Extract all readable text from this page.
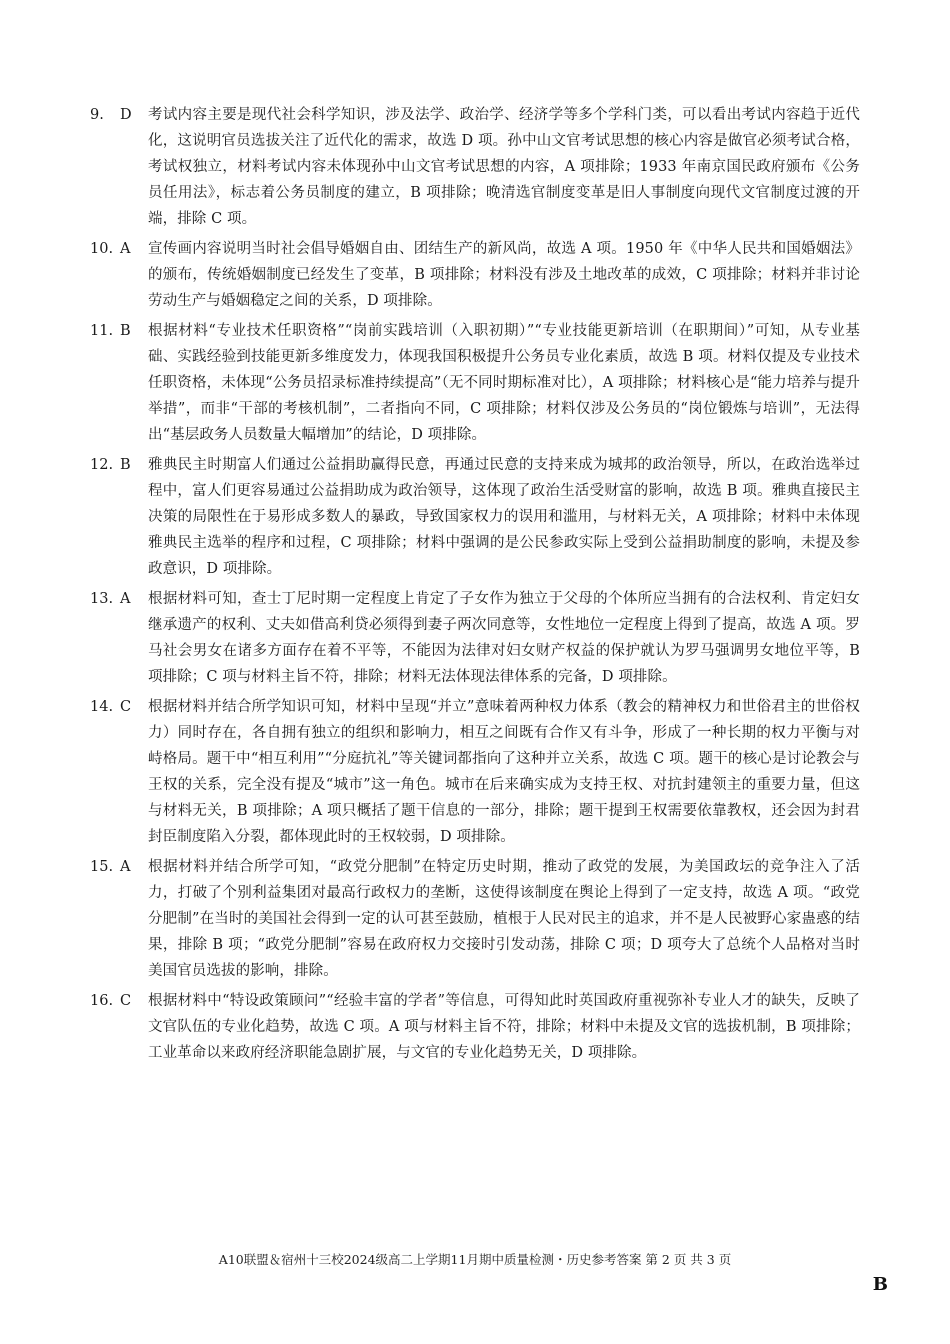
9.	D	考试内容主要是现代社会科学知识，涉及法学、政治学、经济学等多个学科门类，可以看出考试内容趋于近代化，这说明官员选拔关注了近代化的需求，故选 D 项。孙中山文官考试思想的核心内容是做官必须考试合格，考试权独立，材料考试内容未体现孙中山文官考试思想的内容，A 项排除；1933 年南京国民政府颁布《公务员任用法》，标志着公务员制度的建立，B 项排除；晚清选官制度变革是旧人事制度向现代文官制度过渡的开端，排除 C 项。
10. A	宣传画内容说明当时社会倡导婚姻自由、团结生产的新风尚，故选 A 项。1950 年《中华人民共和国婚姻法》的颁布，传统婚姻制度已经发生了变革，B 项排除；材料没有涉及土地改革的成效，C 项排除；材料并非讨论劳动生产与婚姻稳定之间的关系，D 项排除。
11. B	根据材料“专业技术任职资格”“岗前实践培训（入职初期）”“专业技能更新培训（在职期间）”可知，从专业基础、实践经验到技能更新多维度发力，体现我国积极提升公务员专业化素质，故选 B 项。材料仅提及专业技术任职资格，未体现“公务员招录标准持续提高”（无不同时期标准对比），A 项排除；材料核心是“能力培养与提升举措”，而非“干部的考核机制”，二者指向不同，C 项排除；材料仅涉及公务员的“岗位锻炼与培训”，无法得出“基层政务人员数量大幅增加”的结论，D 项排除。
12. B	雅典民主时期富人们通过公益捐助赢得民意，再通过民意的支持来成为城邦的政治领导，所以，在政治选举过程中，富人们更容易通过公益捐助成为政治领导，这体现了政治生活受财富的影响，故选 B 项。雅典直接民主决策的局限性在于易形成多数人的暴政，导致国家权力的误用和滥用，与材料无关，A 项排除；材料中未体现雅典民主选举的程序和过程，C 项排除；材料中强调的是公民参政实际上受到公益捐助制度的影响，未提及参政意识，D 项排除。
13. A	根据材料可知，查士丁尼时期一定程度上肯定了子女作为独立于父母的个体所应当拥有的合法权利、肯定妇女继承遗产的权利、丈夫如借高利贷必须得到妻子两次同意等，女性地位一定程度上得到了提高，故选 A 项。罗马社会男女在诸多方面存在着不平等，不能因为法律对妇女财产权益的保护就认为罗马强调男女地位平等，B 项排除；C 项与材料主旨不符，排除；材料无法体现法律体系的完备，D 项排除。
14. C	根据材料并结合所学知识可知，材料中呈现“并立”意味着两种权力体系（教会的精神权力和世俗君主的世俗权力）同时存在，各自拥有独立的组织和影响力，相互之间既有合作又有斗争，形成了一种长期的权力平衡与对峙格局。题干中“相互利用”“分庭抗礼”等关键词都指向了这种并立关系，故选 C 项。题干的核心是讨论教会与王权的关系，完全没有提及“城市”这一角色。城市在后来确实成为支持王权、对抗封建领主的重要力量，但这与材料无关，B 项排除；A 项只概括了题干信息的一部分，排除；题干提到王权需要依靠教权，还会因为封君封臣制度陷入分裂，都体现此时的王权较弱，D 项排除。
15. A	根据材料并结合所学可知，“政党分肥制”在特定历史时期，推动了政党的发展，为美国政坛的竞争注入了活力，打破了个别利益集团对最高行政权力的垄断，这使得该制度在舆论上得到了一定支持，故选 A 项。“政党分肥制”在当时的美国社会得到一定的认可甚至鼓励，植根于人民对民主的追求，并不是人民被野心家蛊惑的结果，排除 B 项；“政党分肥制”容易在政府权力交接时引发动荡，排除 C 项；D 项夸大了总统个人品格对当时美国官员选拔的影响，排除。
16. C	根据材料中“特设政策顾问”“经验丰富的学者”等信息，可得知此时英国政府重视弥补专业人才的缺失，反映了文官队伍的专业化趋势，故选 C 项。A 项与材料主旨不符，排除；材料中未提及文官的选拔机制，B 项排除；工业革命以来政府经济职能急剧扩展，与文官的专业化趋势无关，D 项排除。
A10联盟＆宿州十三校2024级高二上学期11月期中质量检测・历史参考答案 第 2 页 共 3 页
B
